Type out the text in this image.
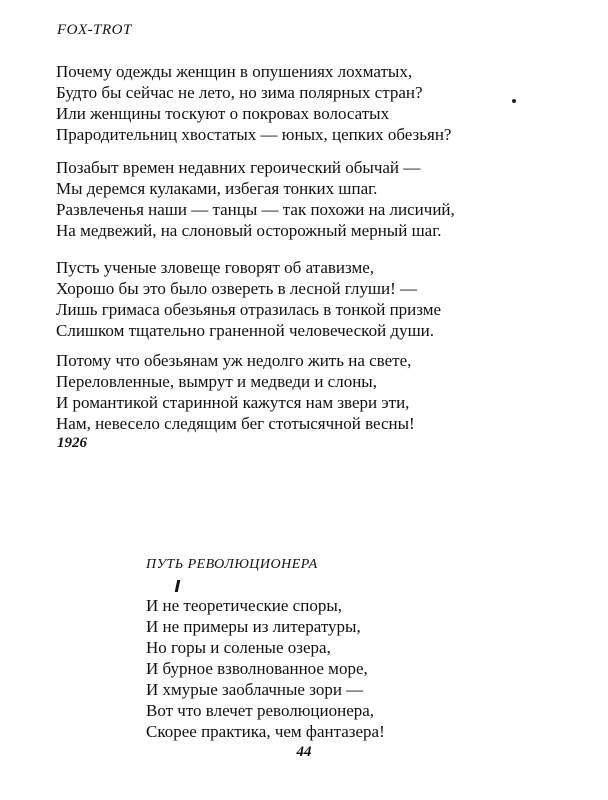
FOX-TROT
Почему одежды женщин в опушениях лохматых,
Будто бы сейчас не лето, но зима полярных стран?
Или женщины тоскуют о покровах волосатых
Прародительниц хвостатых — юных, цепких обезьян?
Позабыт времен недавних героический обычай —
Мы деремся кулаками, избегая тонких шпаг.
Развлеченья наши — танцы — так похожи на лисичий,
На медвежий, на слоновый осторожный мерный шаг.
Пусть ученые зловеще говорят об атавизме,
Хорошо бы это было озвереть в лесной глуши! —
Лишь гримаса обезьянья отразилась в тонкой призме
Слишком тщательно граненной человеческой души.
Потому что обезьянам уж недолго жить на свете,
Переловленные, вымрут и медведи и слоны,
И романтикой старинной кажутся нам звери эти,
Нам, невесело следящим бег стотысячной весны!
1926
ПУТЬ РЕВОЛЮЦИОНЕРА
И не теоретические споры,
И не примеры из литературы,
Но горы и соленые озера,
И бурное взволнованное море,
И хмурые заоблачные зори —
Вот что влечет революционера,
Скорее практика, чем фантазера!
44
